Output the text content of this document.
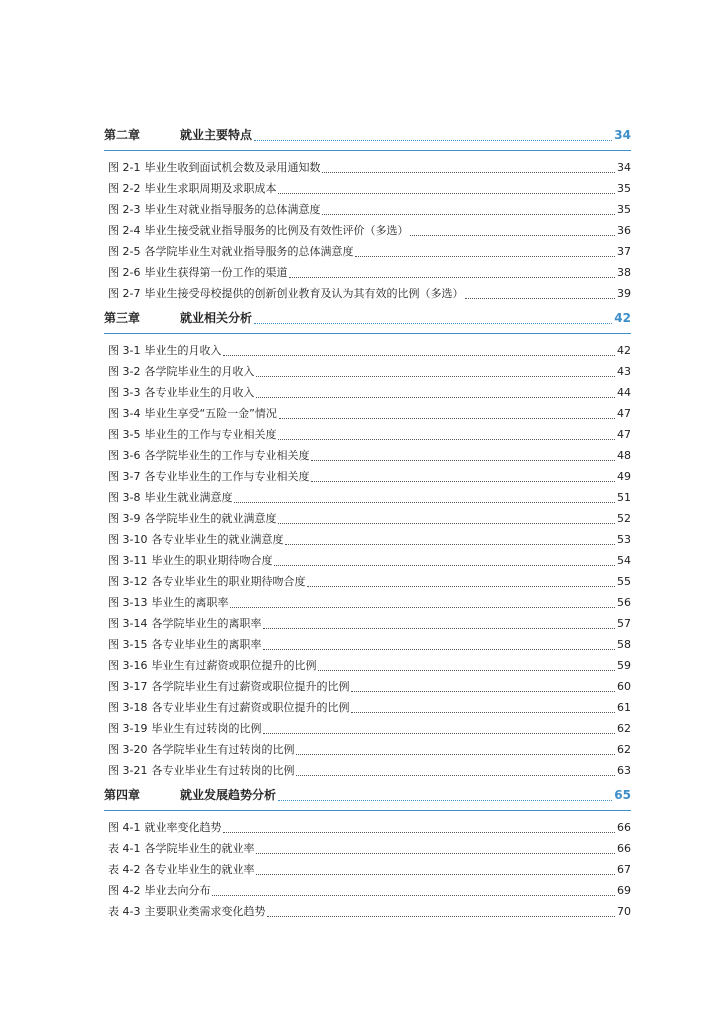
第二章	就业主要特点	34
图 2-1 毕业生收到面试机会数及录用通知数	34
图 2-2 毕业生求职周期及求职成本	35
图 2-3 毕业生对就业指导服务的总体满意度	35
图 2-4 毕业生接受就业指导服务的比例及有效性评价（多选）	36
图 2-5 各学院毕业生对就业指导服务的总体满意度	37
图 2-6 毕业生获得第一份工作的渠道	38
图 2-7 毕业生接受母校提供的创新创业教育及认为其有效的比例（多选）	39
第三章	就业相关分析	42
图 3-1 毕业生的月收入	42
图 3-2 各学院毕业生的月收入	43
图 3-3 各专业毕业生的月收入	44
图 3-4 毕业生享受“五险一金”情况	47
图 3-5 毕业生的工作与专业相关度	47
图 3-6 各学院毕业生的工作与专业相关度	48
图 3-7 各专业毕业生的工作与专业相关度	49
图 3-8 毕业生就业满意度	51
图 3-9 各学院毕业生的就业满意度	52
图 3-10 各专业毕业生的就业满意度	53
图 3-11 毕业生的职业期待吻合度	54
图 3-12 各专业毕业生的职业期待吻合度	55
图 3-13 毕业生的离职率	56
图 3-14 各学院毕业生的离职率	57
图 3-15 各专业毕业生的离职率	58
图 3-16 毕业生有过薪资或职位提升的比例	59
图 3-17 各学院毕业生有过薪资或职位提升的比例	60
图 3-18 各专业毕业生有过薪资或职位提升的比例	61
图 3-19 毕业生有过转岗的比例	62
图 3-20 各学院毕业生有过转岗的比例	62
图 3-21 各专业毕业生有过转岗的比例	63
第四章	就业发展趋势分析	65
图 4-1 就业率变化趋势	66
表 4-1 各学院毕业生的就业率	66
表 4-2 各专业毕业生的就业率	67
图 4-2 毕业去向分布	69
表 4-3 主要职业类需求变化趋势	70
